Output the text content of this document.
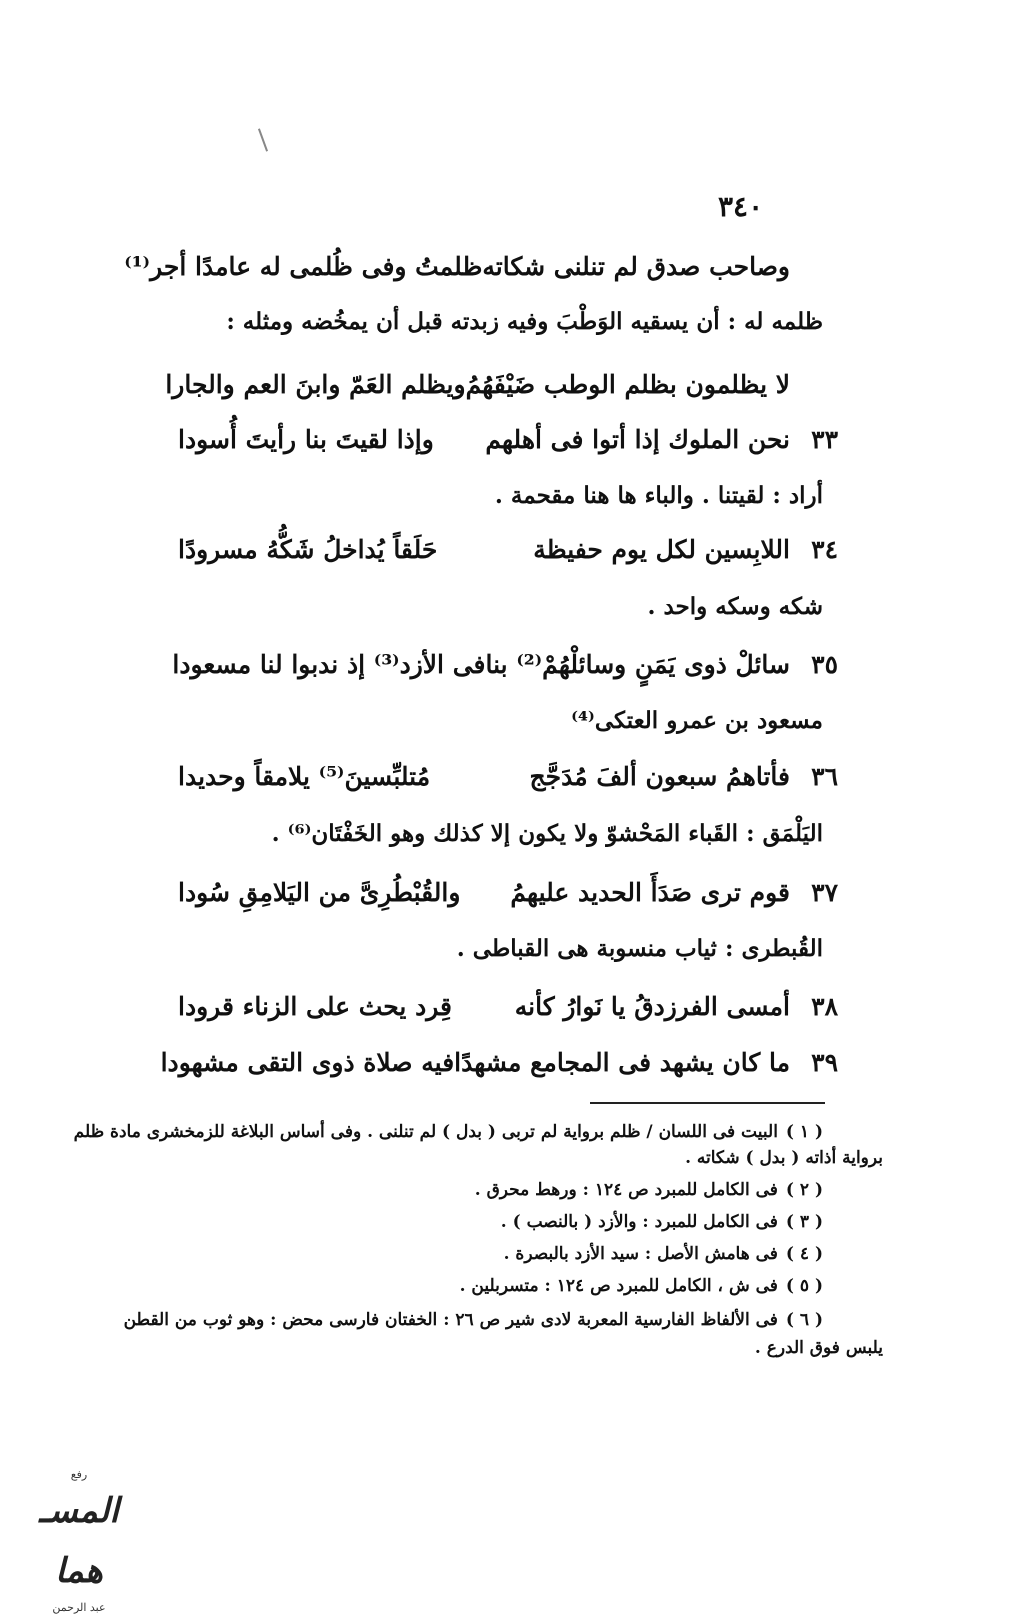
٣٤٠
وصاحب صدق لم تنلنى شكاته
ظلمتُ وفى ظُلمى له عامدًا أجر⁽¹⁾
ظلمه له : أن يسقيه الوَطْبَ وفيه زبدته قبل أن يمخُضه ومثله :
لا يظلمون بظلم الوطب ضَيْفَهُمُ
ويظلم العَمّ وابنَ العم والجارا
٣٣
نحن الملوك إذا أتوا فى أهلهم
وإذا لقيتَ بنا رأيتَ أُسودا
أراد : لقيتنا . والباء ها هنا مقحمة .
٣٤
اللابِسين لكل يوم حفيظة
حَلَقاً يُداخلُ شَكُّهُ مسرودًا
شكه وسكه واحد .
٣٥
سائلْ ذوى يَمَنٍ وسائلْهُمْ⁽²⁾ بنا
فى الأزد⁽³⁾ إذ ندبوا لنا مسعودا
مسعود بن عمرو العتكى⁽⁴⁾
٣٦
فأتاهمُ سبعون ألفَ مُدَجَّج
مُتلبِّسينَ⁽⁵⁾ يلامقاً وحديدا
اليَلْمَق : القَباء المَحْشوّ ولا يكون إلا كذلك وهو الخَفْتَان⁽⁶⁾ .
٣٧
قوم ترى صَدَأَ الحديد عليهمُ
والقُبْطُرِىَّ من اليَلامِقِ سُودا
القُبطرى : ثياب منسوبة هى القباطى .
٣٨
أمسى الفرزدقُ يا نَوارُ كأنه
قِرد يحث على الزناء قرودا
٣٩
ما كان يشهد فى المجامع مشهدًا
فيه صلاة ذوى التقى مشهودا
( ١ )البيت فى اللسان / ظلم برواية لم تربى ( بدل ) لم تنلنى . وفى أساس البلاغة للزمخشرى مادة ظلم
برواية أذاته ( بدل ) شكاته .
( ٢ )فى الكامل للمبرد ص ١٢٤ : ورهط محرق .
( ٣ )فى الكامل للمبرد : والأزد ( بالنصب ) .
( ٤ )فى هامش الأصل : سيد الأزد بالبصرة .
( ٥ )فى ش ، الكامل للمبرد ص ١٢٤ : متسربلين .
( ٦ )فى الألفاظ الفارسية المعربة لادى شير ص ٢٦ : الخفتان فارسى محض : وهو ثوب من القطن
يلبس فوق الدرع .
رفع
المسـ هما
عبد الرحمن
